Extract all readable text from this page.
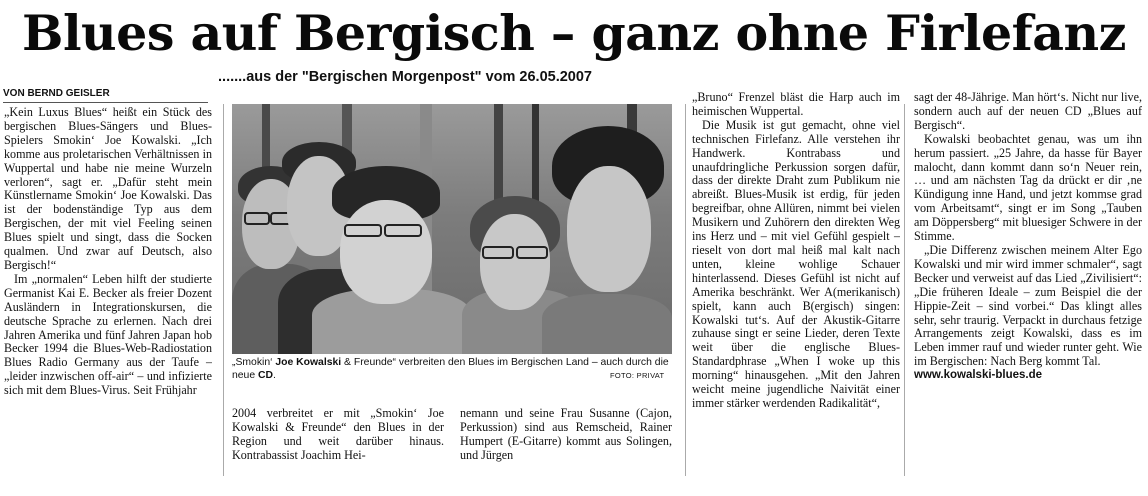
Blues auf Bergisch – ganz ohne Firlefanz
.......aus der "Bergischen Morgenpost" vom 26.05.2007
VON BERND GEISLER

„Kein Luxus Blues“ heißt ein Stück des bergischen Blues-Sängers und Blues-Spielers Smokin‘ Joe Kowalski. „Ich komme aus proletarischen Verhältnissen in Wuppertal und habe nie meine Wurzeln verloren“, sagt er. „Dafür steht mein Künstlername Smokin‘ Joe Kowalski. Das ist der bodenständige Typ aus dem Bergischen, der mit viel Feeling seinen Blues spielt und singt, dass die Socken qualmen. Und zwar auf Deutsch, also Bergisch!“

Im „normalen“ Leben hilft der studierte Germanist Kai E. Becker als freier Dozent Ausländern in Integrationskursen, die deutsche Sprache zu erlernen. Nach drei Jahren Amerika und fünf Jahren Japan hob Becker 1994 die Blues-Web-Radiostation Blues Radio Germany aus der Taufe – „leider inzwischen off-air“ – und infizierte sich mit dem Blues-Virus. Seit Frühjahr

„Smokin‘ Joe Kowalski & Freunde“ verbreiten den Blues im Bergischen Land – auch durch die neue CD.	FOTO: PRIVAT

2004 verbreitet er mit „Smokin‘ Joe Kowalski & Freunde“ den Blues in der Region und weit darüber hinaus. Kontrabassist Joachim Hei-

nemann und seine Frau Susanne (Cajon, Perkussion) sind aus Remscheid, Rainer Humpert (E-Gitarre) kommt aus Solingen, und Jürgen

„Bruno“ Frenzel bläst die Harp auch im heimischen Wuppertal.

Die Musik ist gut gemacht, ohne viel technischen Firlefanz. Alle verstehen ihr Handwerk. Kontrabass und unaufdringliche Perkussion sorgen dafür, dass der direkte Draht zum Publikum nie abreißt. Blues-Musik ist erdig, für jeden begreifbar, ohne Allüren, nimmt bei vielen Musikern und Zuhörern den direkten Weg ins Herz und – mit viel Gefühl gespielt – rieselt von dort mal heiß mal kalt nach unten, kleine wohlige Schauer hinterlassend. Dieses Gefühl ist nicht auf Amerika beschränkt. Wer A(merikanisch) spielt, kann auch B(ergisch) singen: Kowalski tut‘s. Auf der Akustik-Gitarre zuhause singt er seine Lieder, deren Texte weit über die englische Blues-Standardphrase „When I woke up this morning“ hinausgehen. „Mit den Jahren weicht meine jugendliche Naivität einer immer stärker werdenden Radikalität“,

sagt der 48-Jährige. Man hört‘s. Nicht nur live, sondern auch auf der neuen CD „Blues auf Bergisch“.

Kowalski beobachtet genau, was um ihn herum passiert. „25 Jahre, da hasse für Bayer malocht, dann kommt dann so‘n Neuer rein, … und am nächsten Tag da drückt er dir ‚ne Kündigung inne Hand, und jetzt kommse grad vom Arbeitsamt“, singt er im Song „Tauben am Döppersberg“ mit bluesiger Schwere in der Stimme.

„Die Differenz zwischen meinem Alter Ego Kowalski und mir wird immer schmaler“, sagt Becker und verweist auf das Lied „Zivilisiert“: „Die früheren Ideale – zum Beispiel die der Hippie-Zeit – sind vorbei.“ Das klingt alles sehr, sehr traurig. Verpackt in durchaus fetzige Arrangements zeigt Kowalski, dass es im Leben immer rauf und wieder runter geht. Wie im Bergischen: Nach Berg kommt Tal.

www.kowalski-blues.de
